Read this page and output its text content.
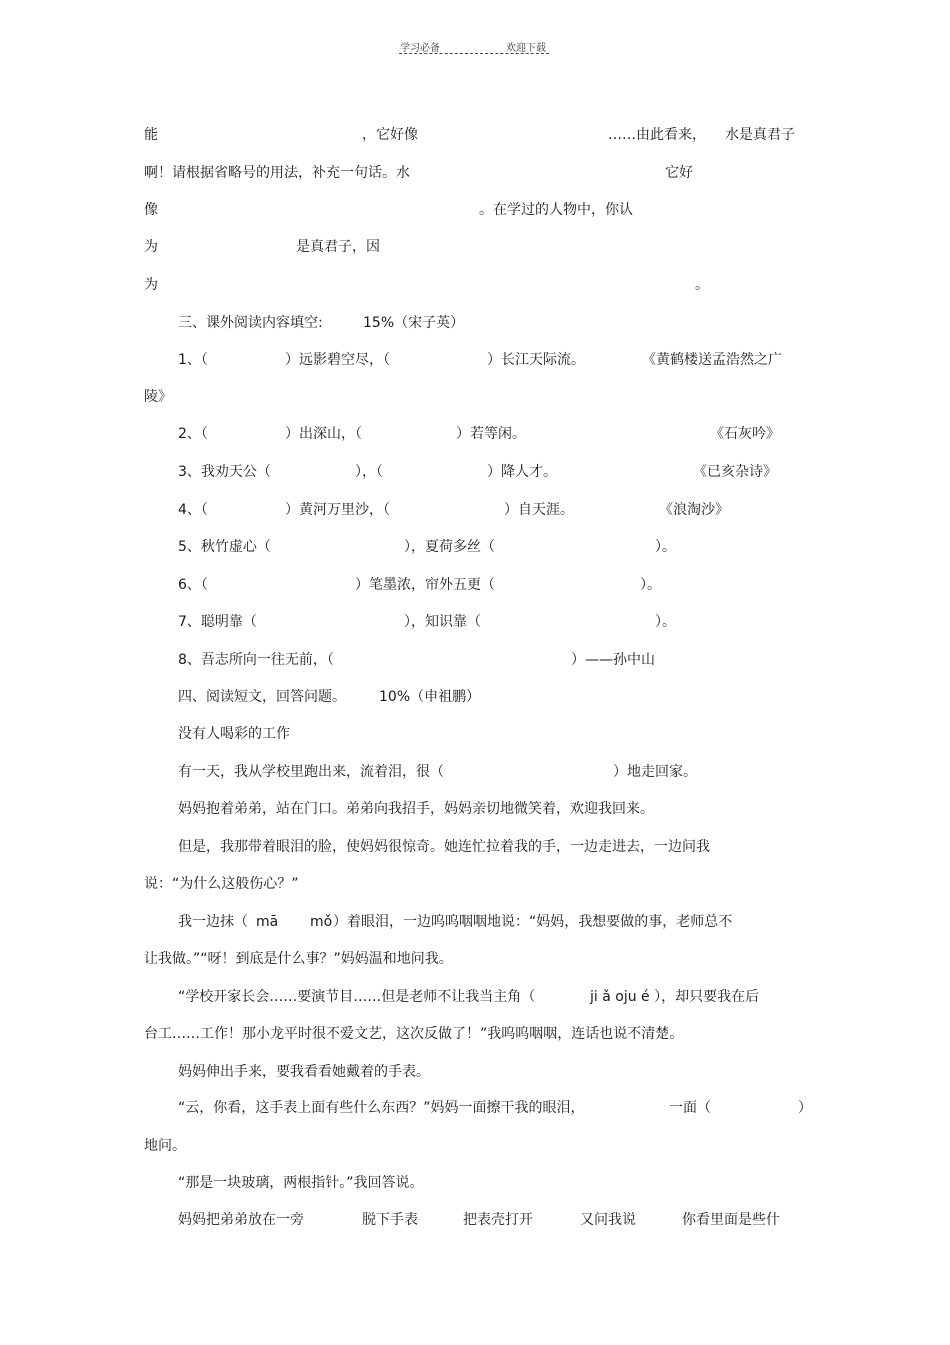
学习必备	欢迎下载
能	，它好像	……由此看来， 水是真君子
啊！请根据省略号的用法，补充一句话。水	它好
像	。在学过的人物中，你认
为	是真君子，因
为	。
三、课外阅读内容填空:	15%（宋子英）
1、（	）远影碧空尽，（	）长江天际流。	《黄鹤楼送孟浩然之广
陵》
2、（	）出深山，（	）若等闲。	《石灰吟》
3、我劝天公（	），（	）降人才。	《已亥杂诗》
4、（	）黄河万里沙，（	）自天涯。	《浪淘沙》
5、秋竹虚心（	），夏荷多丝（	）。
6、（	）笔墨浓，帘外五更（	）。
7、聪明靠（	），知识靠（	）。
8、吾志所向一往无前，（	）——孙中山
四、阅读短文，回答问题。 10%（申祖鹏）
没有人喝彩的工作
有一天，我从学校里跑出来，流着泪，很（	）地走回家。
妈妈抱着弟弟，站在门口。弟弟向我招手，妈妈亲切地微笑着，欢迎我回来。
但是，我那带着眼泪的脸，使妈妈很惊奇。她连忙拉着我的手，一边走进去，一边问我
说：“为什么这般伤心？”
我一边抹（ mā mǒ ）着眼泪，一边呜呜咽咽地说：“妈妈，我想要做的事，老师总不
让我做。”“呀！到底是什么事？”妈妈温和地问我。
“学校开家长会……要演节目……但是老师不让我当主角（	ji ǎ oju é ），却只要我在后
台工……工作！那小龙平时很不爱文艺，这次反做了！”我呜呜咽咽，连话也说不清楚。
妈妈伸出手来，要我看看她戴着的手表。
“云，你看，这手表上面有些什么东西？”妈妈一面擦干我的眼泪，	一面（	）
地问。
“那是一块玻璃，两根指针。”我回答说。
妈妈把弟弟放在一旁	脱下手表	把表壳打开	又问我说	你看里面是些什
